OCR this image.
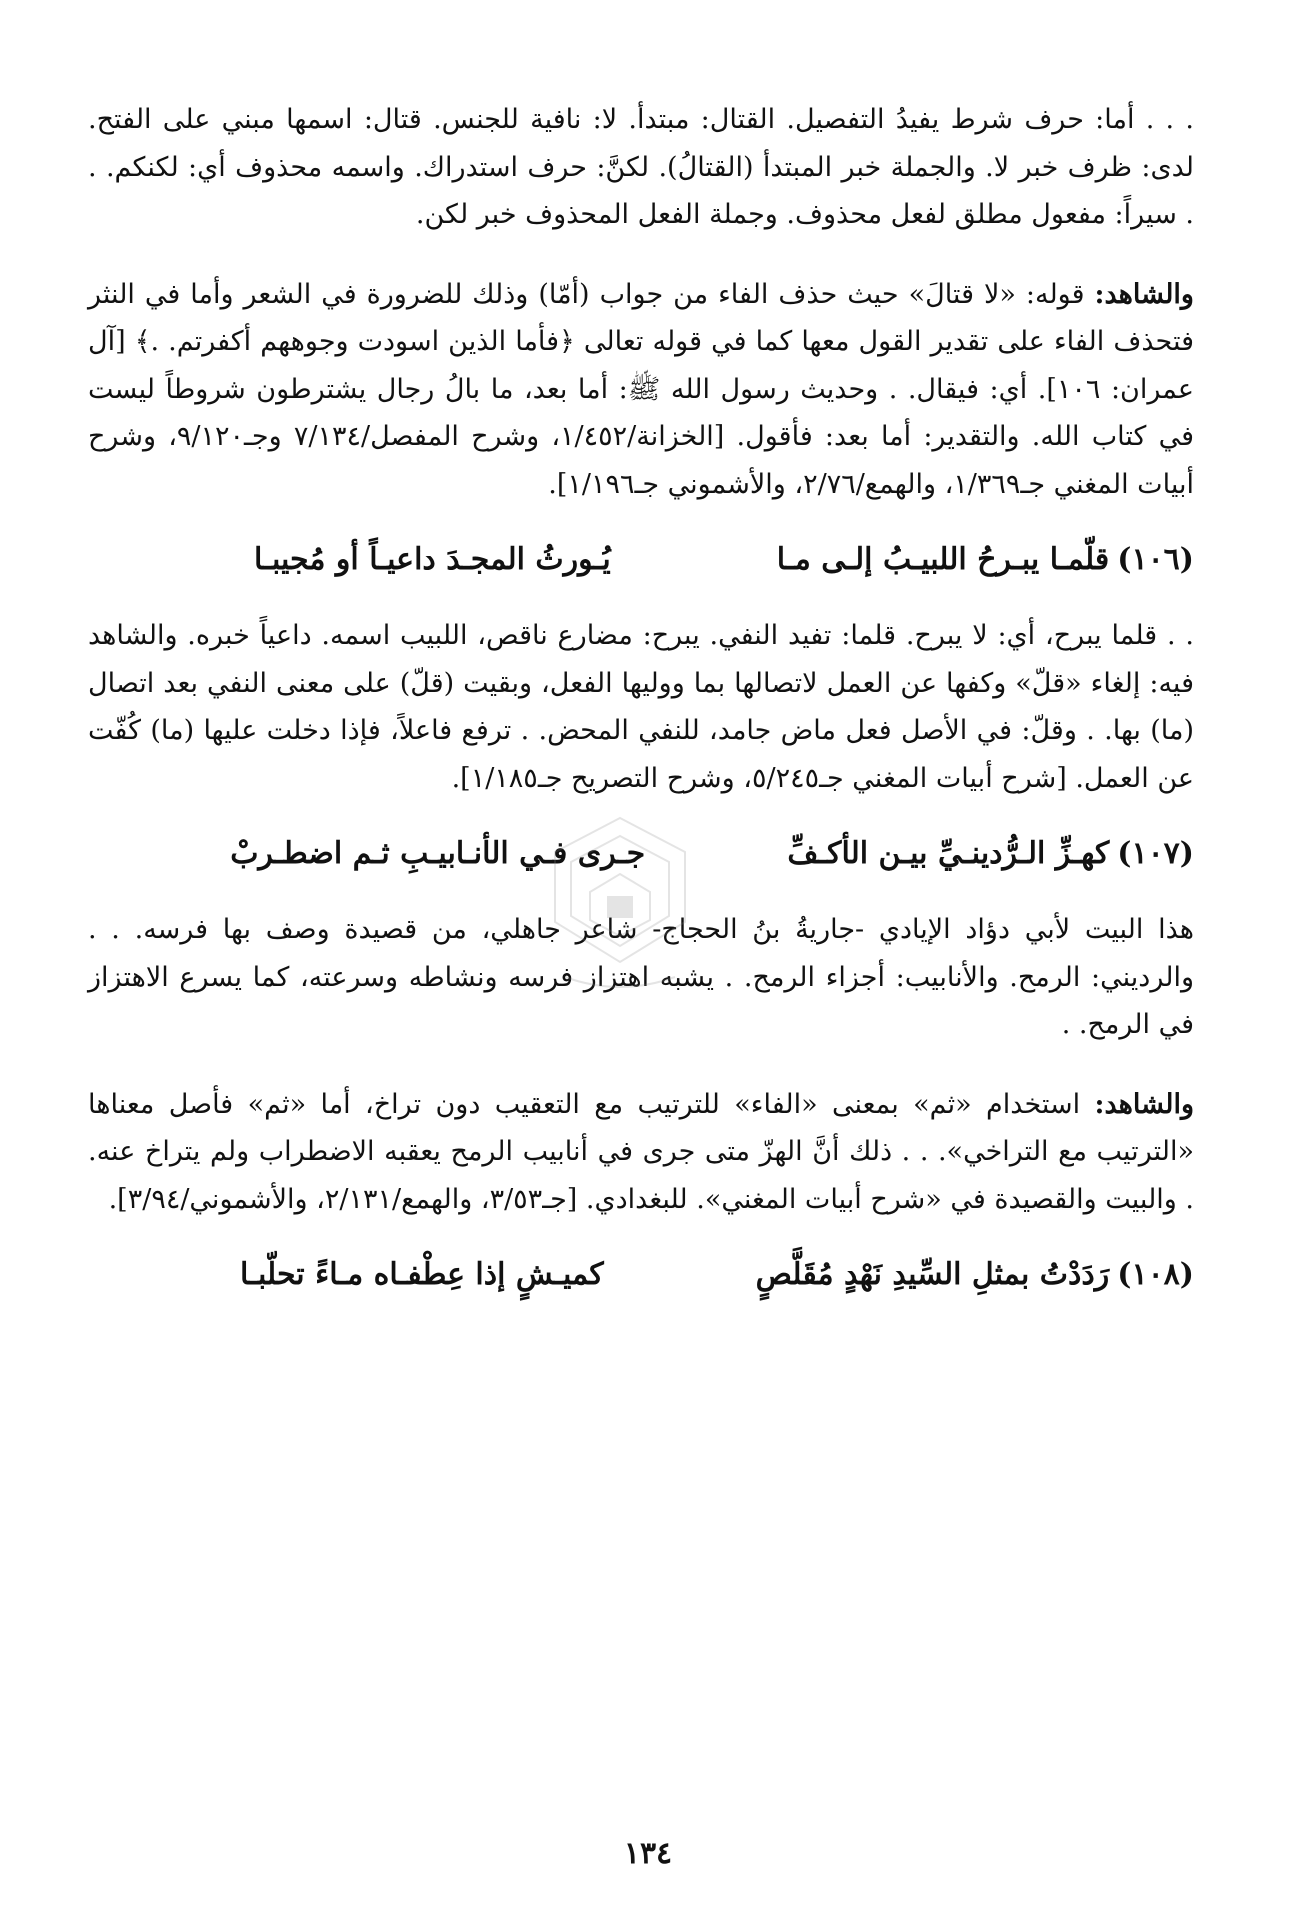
. . . أما: حرف شرط يفيدُ التفصيل. القتال: مبتدأ. لا: نافية للجنس. قتال: اسمها مبني على الفتح. لدى: ظرف خبر لا. والجملة خبر المبتدأ (القتالُ). لكنَّ: حرف استدراك. واسمه محذوف أي: لكنكم. . . سيراً: مفعول مطلق لفعل محذوف. وجملة الفعل المحذوف خبر لكن.

والشاهد: قوله: «لا قتالَ» حيث حذف الفاء من جواب (أمّا) وذلك للضرورة في الشعر وأما في النثر فتحذف الفاء على تقدير القول معها كما في قوله تعالى ﴿فأما الذين اسودت وجوههم أكفرتم. .﴾ [آل عمران: ١٠٦]. أي: فيقال. . وحديث رسول الله ﷺ: أما بعد، ما بالُ رجال يشترطون شروطاً ليست في كتاب الله. والتقدير: أما بعد: فأقول. [الخزانة/١/٤٥٢، وشرح المفصل/٧/١٣٤ وجـ٩/١٢٠، وشرح أبيات المغني جـ١/٣٦٩، والهمع/٢/٧٦، والأشموني جـ١/١٩٦].

(١٠٦)
قلّمـا يبـرحُ اللبيـبُ إلـى مـا
يُـورثُ المجـدَ داعيـاً أو مُجيبـا

. . قلما يبرح، أي: لا يبرح. قلما: تفيد النفي. يبرح: مضارع ناقص، اللبيب اسمه. داعياً خبره. والشاهد فيه: إلغاء «قلّ» وكفها عن العمل لاتصالها بما ووليها الفعل، وبقيت (قلّ) على معنى النفي بعد اتصال (ما) بها. . وقلّ: في الأصل فعل ماض جامد، للنفي المحض. . ترفع فاعلاً، فإذا دخلت عليها (ما) كُفّت عن العمل. [شرح أبيات المغني جـ٥/٢٤٥، وشرح التصريح جـ١/١٨٥].

(١٠٧)
كهـزِّ الـرُّدينـيِّ بيـن الأكـفِّ
جـرى فـي الأنـابيـبِ ثـم اضطـربْ

هذا البيت لأبي دؤاد الإيادي -جاريةُ بنُ الحجاج- شاعر جاهلي، من قصيدة وصف بها فرسه. . . والرديني: الرمح. والأنابيب: أجزاء الرمح. . يشبه اهتزاز فرسه ونشاطه وسرعته، كما يسرع الاهتزاز في الرمح. .

والشاهد: استخدام «ثم» بمعنى «الفاء» للترتيب مع التعقيب دون تراخ، أما «ثم» فأصل معناها «الترتيب مع التراخي». . . ذلك أنَّ الهزّ متى جرى في أنابيب الرمح يعقبه الاضطراب ولم يتراخ عنه. . والبيت والقصيدة في «شرح أبيات المغني». للبغدادي. [جـ٣/٥٣، والهمع/٢/١٣١، والأشموني/٣/٩٤].

(١٠٨)
رَدَدْتُ بمثلِ السِّيدِ نَهْدٍ مُقَلَّصٍ
كميـشٍ إذا عِطْفـاه مـاءً تحلّبـا
١٣٤
